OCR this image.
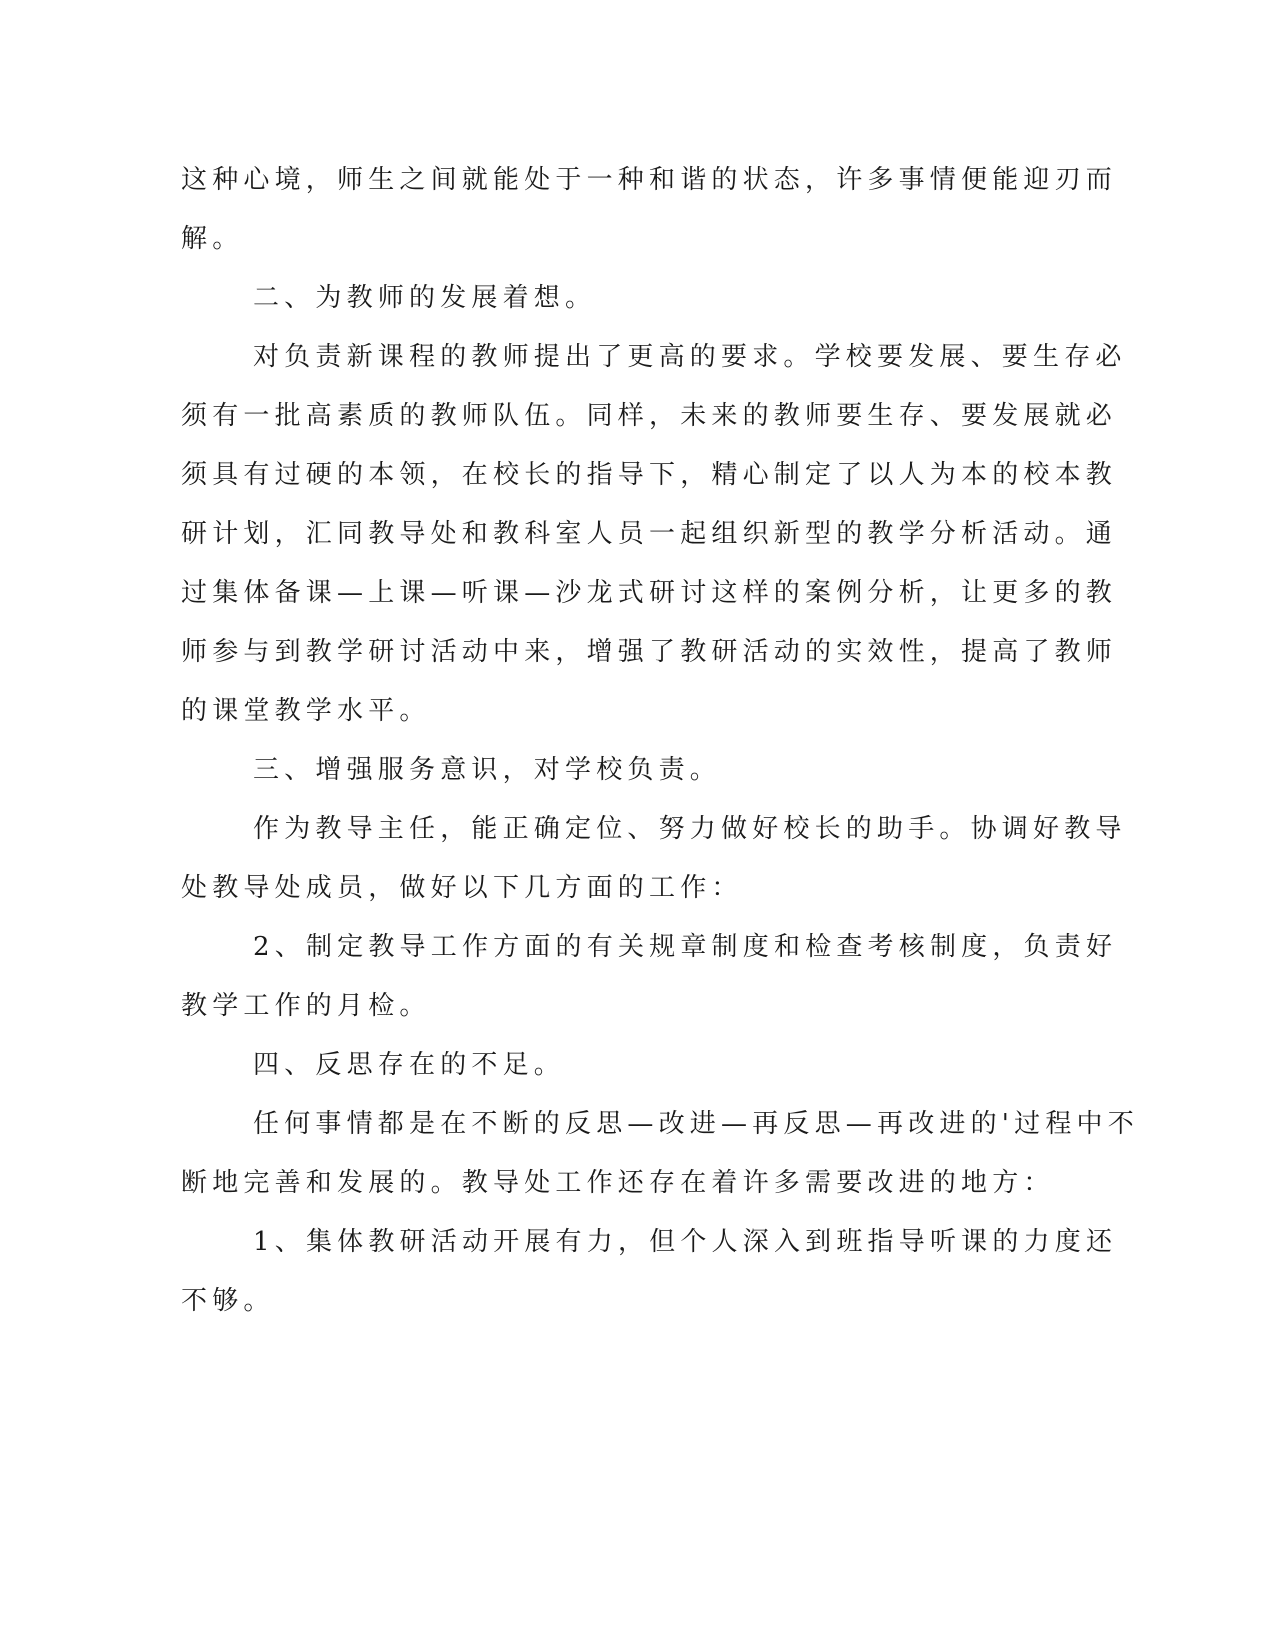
这种心境，师生之间就能处于一种和谐的状态，许多事情便能迎刃而
解。
二、为教师的发展着想。
对负责新课程的教师提出了更高的要求。学校要发展、要生存必
须有一批高素质的教师队伍。同样，未来的教师要生存、要发展就必
须具有过硬的本领，在校长的指导下，精心制定了以人为本的校本教
研计划，汇同教导处和教科室人员一起组织新型的教学分析活动。通
过集体备课—上课—听课—沙龙式研讨这样的案例分析，让更多的教
师参与到教学研讨活动中来，增强了教研活动的实效性，提高了教师
的课堂教学水平。
三、增强服务意识，对学校负责。
作为教导主任，能正确定位、努力做好校长的助手。协调好教导
处教导处成员，做好以下几方面的工作：
2、制定教导工作方面的有关规章制度和检查考核制度，负责好
教学工作的月检。
四、反思存在的不足。
任何事情都是在不断的反思—改进—再反思—再改进的'过程中不
断地完善和发展的。教导处工作还存在着许多需要改进的地方：
1、集体教研活动开展有力，但个人深入到班指导听课的力度还
不够。
